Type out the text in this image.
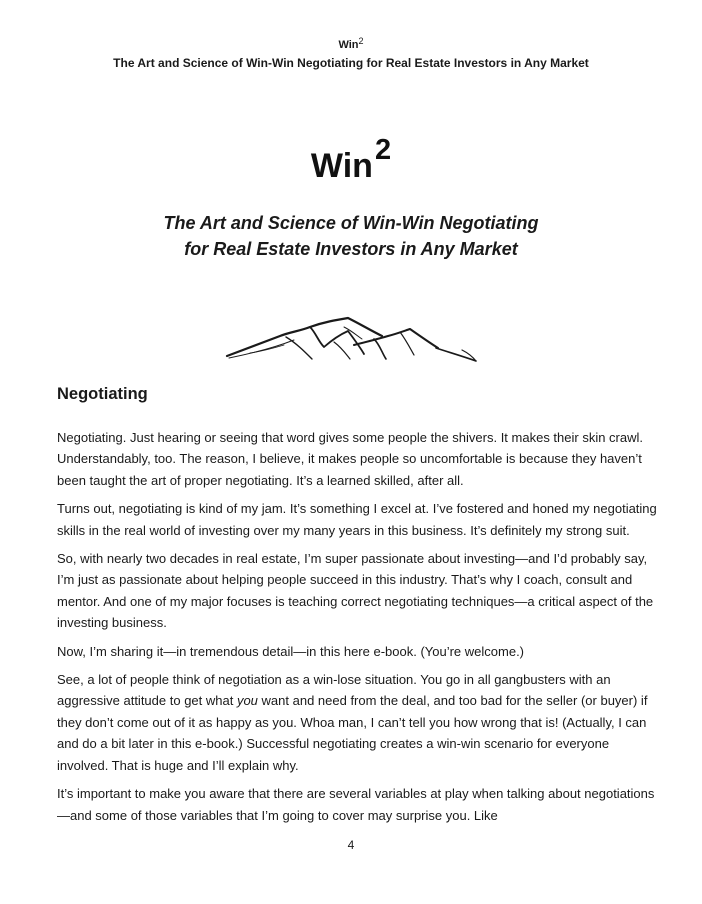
Win$^2$
The Art and Science of Win-Win Negotiating for Real Estate Investors in Any Market
Win$^2$
The Art and Science of Win-Win Negotiating
for Real Estate Investors in Any Market
Negotiating

Negotiating. Just hearing or seeing that word gives some people the shivers. It makes their skin crawl. Understandably, too. The reason, I believe, it makes people so uncomfortable is because they haven’t been taught the art of proper negotiating. It’s a learned skilled, after all.

Turns out, negotiating is kind of my jam. It’s something I excel at. I’ve fostered and honed my negotiating skills in the real world of investing over my many years in this business. It’s definitely my strong suit.

So, with nearly two decades in real estate, I’m super passionate about investing—and I’d probably say, I’m just as passionate about helping people succeed in this industry. That’s why I coach, consult and mentor. And one of my major focuses is teaching correct negotiating techniques—a critical aspect of the investing business.

Now, I’m sharing it—in tremendous detail—in this here e-book. (You’re welcome.)

See, a lot of people think of negotiation as a win-lose situation. You go in all gangbusters with an aggressive attitude to get what you want and need from the deal, and too bad for the seller (or buyer) if they don’t come out of it as happy as you. Whoa man, I can’t tell you how wrong that is! (Actually, I can and do a bit later in this e-book.) Successful negotiating creates a win-win scenario for everyone involved. That is huge and I’ll explain why.

It’s important to make you aware that there are several variables at play when talking about negotiations—and some of those variables that I’m going to cover may surprise you. Like

4
